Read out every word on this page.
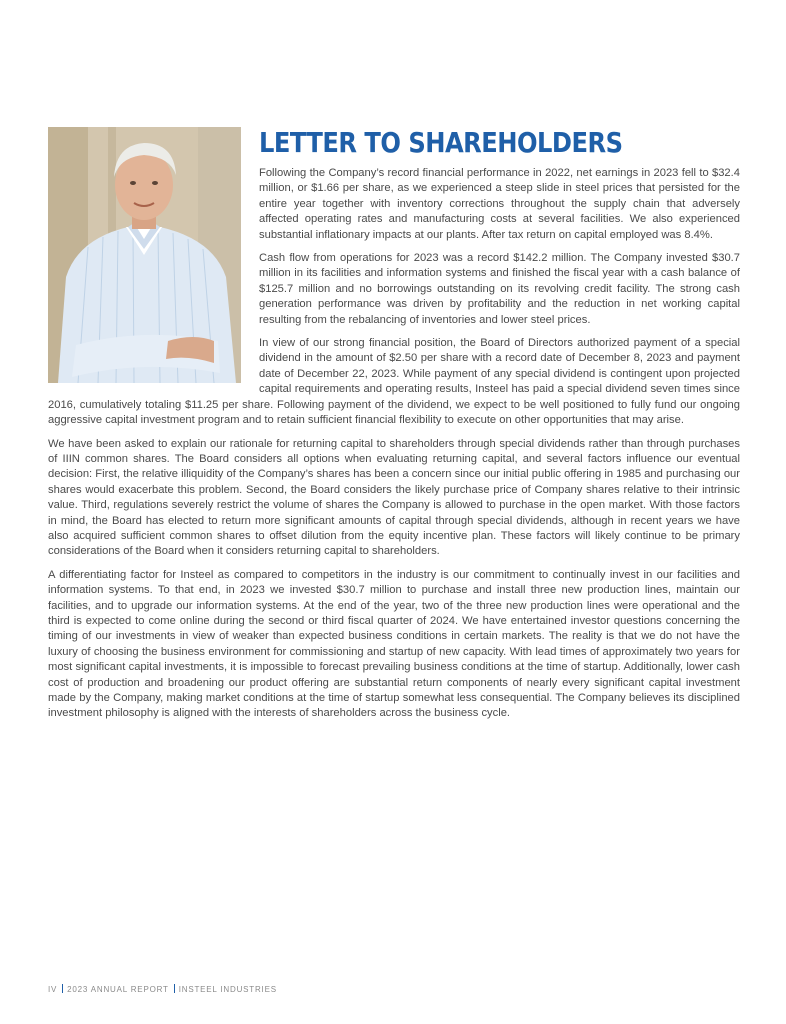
LETTER TO SHAREHOLDERS

Following the Company’s record financial performance in 2022, net earnings in 2023 fell to $32.4 million, or $1.66 per share, as we experienced a steep slide in steel prices that persisted for the entire year together with inventory corrections throughout the supply chain that adversely affected operating rates and manufacturing costs at several facilities. We also experienced substantial inflationary impacts at our plants. After tax return on capital employed was 8.4%.

Cash flow from operations for 2023 was a record $142.2 million. The Company invested $30.7 million in its facilities and information systems and finished the fiscal year with a cash balance of $125.7 million and no borrowings outstanding on its revolving credit facility. The strong cash generation performance was driven by profitability and the reduction in net working capital resulting from the rebalancing of inventories and lower steel prices.

In view of our strong financial position, the Board of Directors authorized payment of a special dividend in the amount of $2.50 per share with a record date of December 8, 2023 and payment date of December 22, 2023. While payment of any special dividend is contingent upon projected capital requirements and operating results, Insteel has paid a special dividend seven times since 2016, cumulatively totaling $11.25 per share. Following payment of the dividend, we expect to be well positioned to fully fund our ongoing aggressive capital investment program and to retain sufficient financial flexibility to execute on other opportunities that may arise.

We have been asked to explain our rationale for returning capital to shareholders through special dividends rather than through purchases of IIIN common shares. The Board considers all options when evaluating returning capital, and several factors influence our eventual decision: First, the relative illiquidity of the Company’s shares has been a concern since our initial public offering in 1985 and purchasing our shares would exacerbate this problem. Second, the Board considers the likely purchase price of Company shares relative to their intrinsic value. Third, regulations severely restrict the volume of shares the Company is allowed to purchase in the open market. With those factors in mind, the Board has elected to return more significant amounts of capital through special dividends, although in recent years we have also acquired sufficient common shares to offset dilution from the equity incentive plan. These factors will likely continue to be primary considerations of the Board when it considers returning capital to shareholders.

A differentiating factor for Insteel as compared to competitors in the industry is our commitment to continually invest in our facilities and information systems. To that end, in 2023 we invested $30.7 million to purchase and install three new production lines, maintain our facilities, and to upgrade our information systems. At the end of the year, two of the three new production lines were operational and the third is expected to come online during the second or third fiscal quarter of 2024. We have entertained investor questions concerning the timing of our investments in view of weaker than expected business conditions in certain markets. The reality is that we do not have the luxury of choosing the business environment for commissioning and startup of new capacity. With lead times of approximately two years for most significant capital investments, it is impossible to forecast prevailing business conditions at the time of startup. Additionally, lower cash cost of production and broadening our product offering are substantial return components of nearly every significant capital investment made by the Company, making market conditions at the time of startup somewhat less consequential. The Company believes its disciplined investment philosophy is aligned with the interests of shareholders across the business cycle.

IV 2023 ANNUAL REPORT INSTEEL INDUSTRIES
